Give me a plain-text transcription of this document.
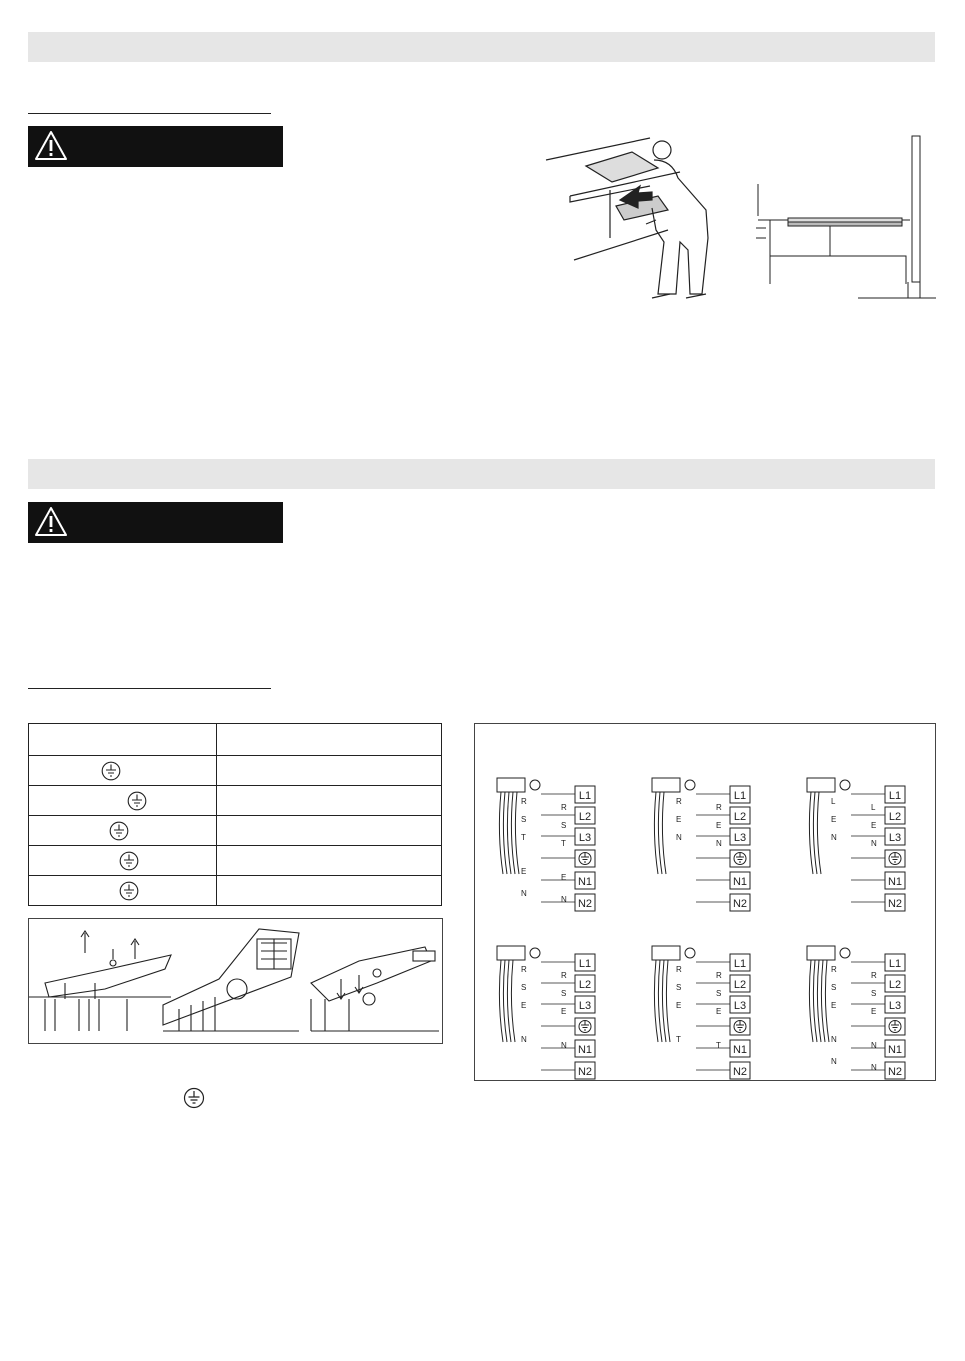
L1
L2
L3
N1
N2
R
S
T
E
N
R
S
T
E
N
L1
L2
L3
N1
N2
R
E
N
R
E
N
L1
L2
L3
N1
N2
L
E
N
L
E
N
L1
L2
L3
N1
N2
R
S
E
N
R
S
E
N
L1
L2
L3
N1
N2
R
S
E
T
R
S
E
T
L1
L2
L3
N1
N2
R
S
E
N
N
R
S
E
N
N
